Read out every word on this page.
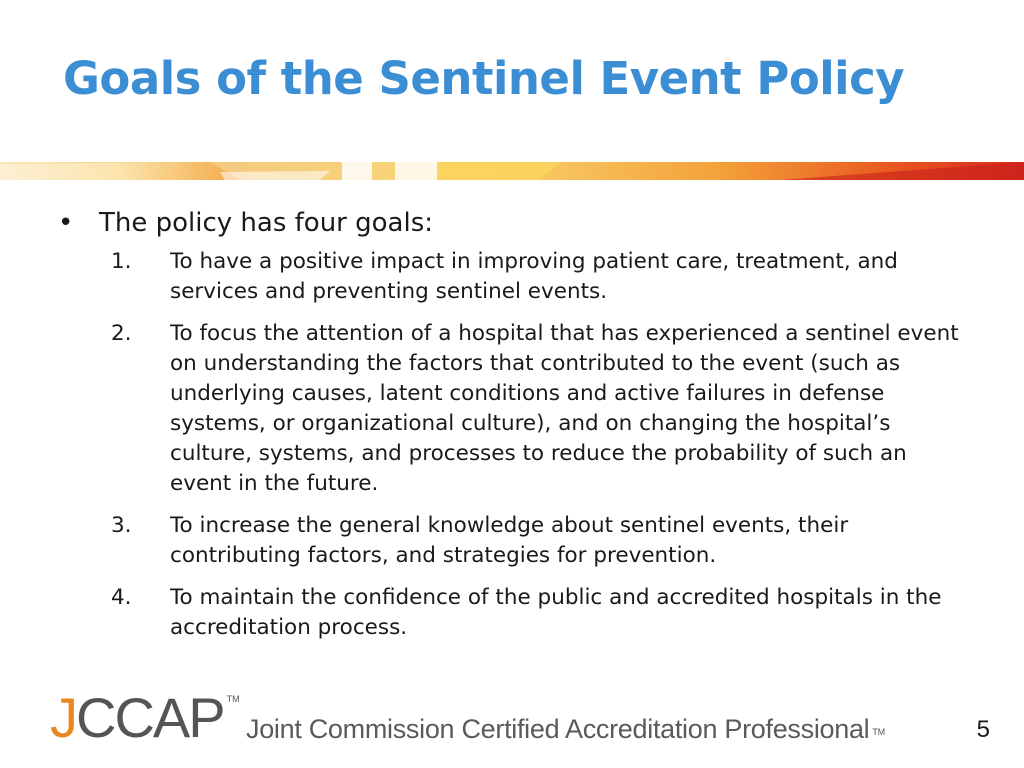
Goals of the Sentinel Event Policy
• The policy has four goals:
1.	To have a positive impact in improving patient care, treatment, and services and preventing sentinel events.
2.	To focus the attention of a hospital that has experienced a sentinel event on understanding the factors that contributed to the event (such as underlying causes, latent conditions and active failures in defense systems, or organizational culture), and on changing the hospital’s culture, systems, and processes to reduce the probability of such an event in the future.
3.	To increase the general knowledge about sentinel events, their contributing factors, and strategies for prevention.
4.	To maintain the confidence of the public and accredited hospitals in the accreditation process.
J CCAP TM
Joint Commission Certified Accreditation Professional TM	5
